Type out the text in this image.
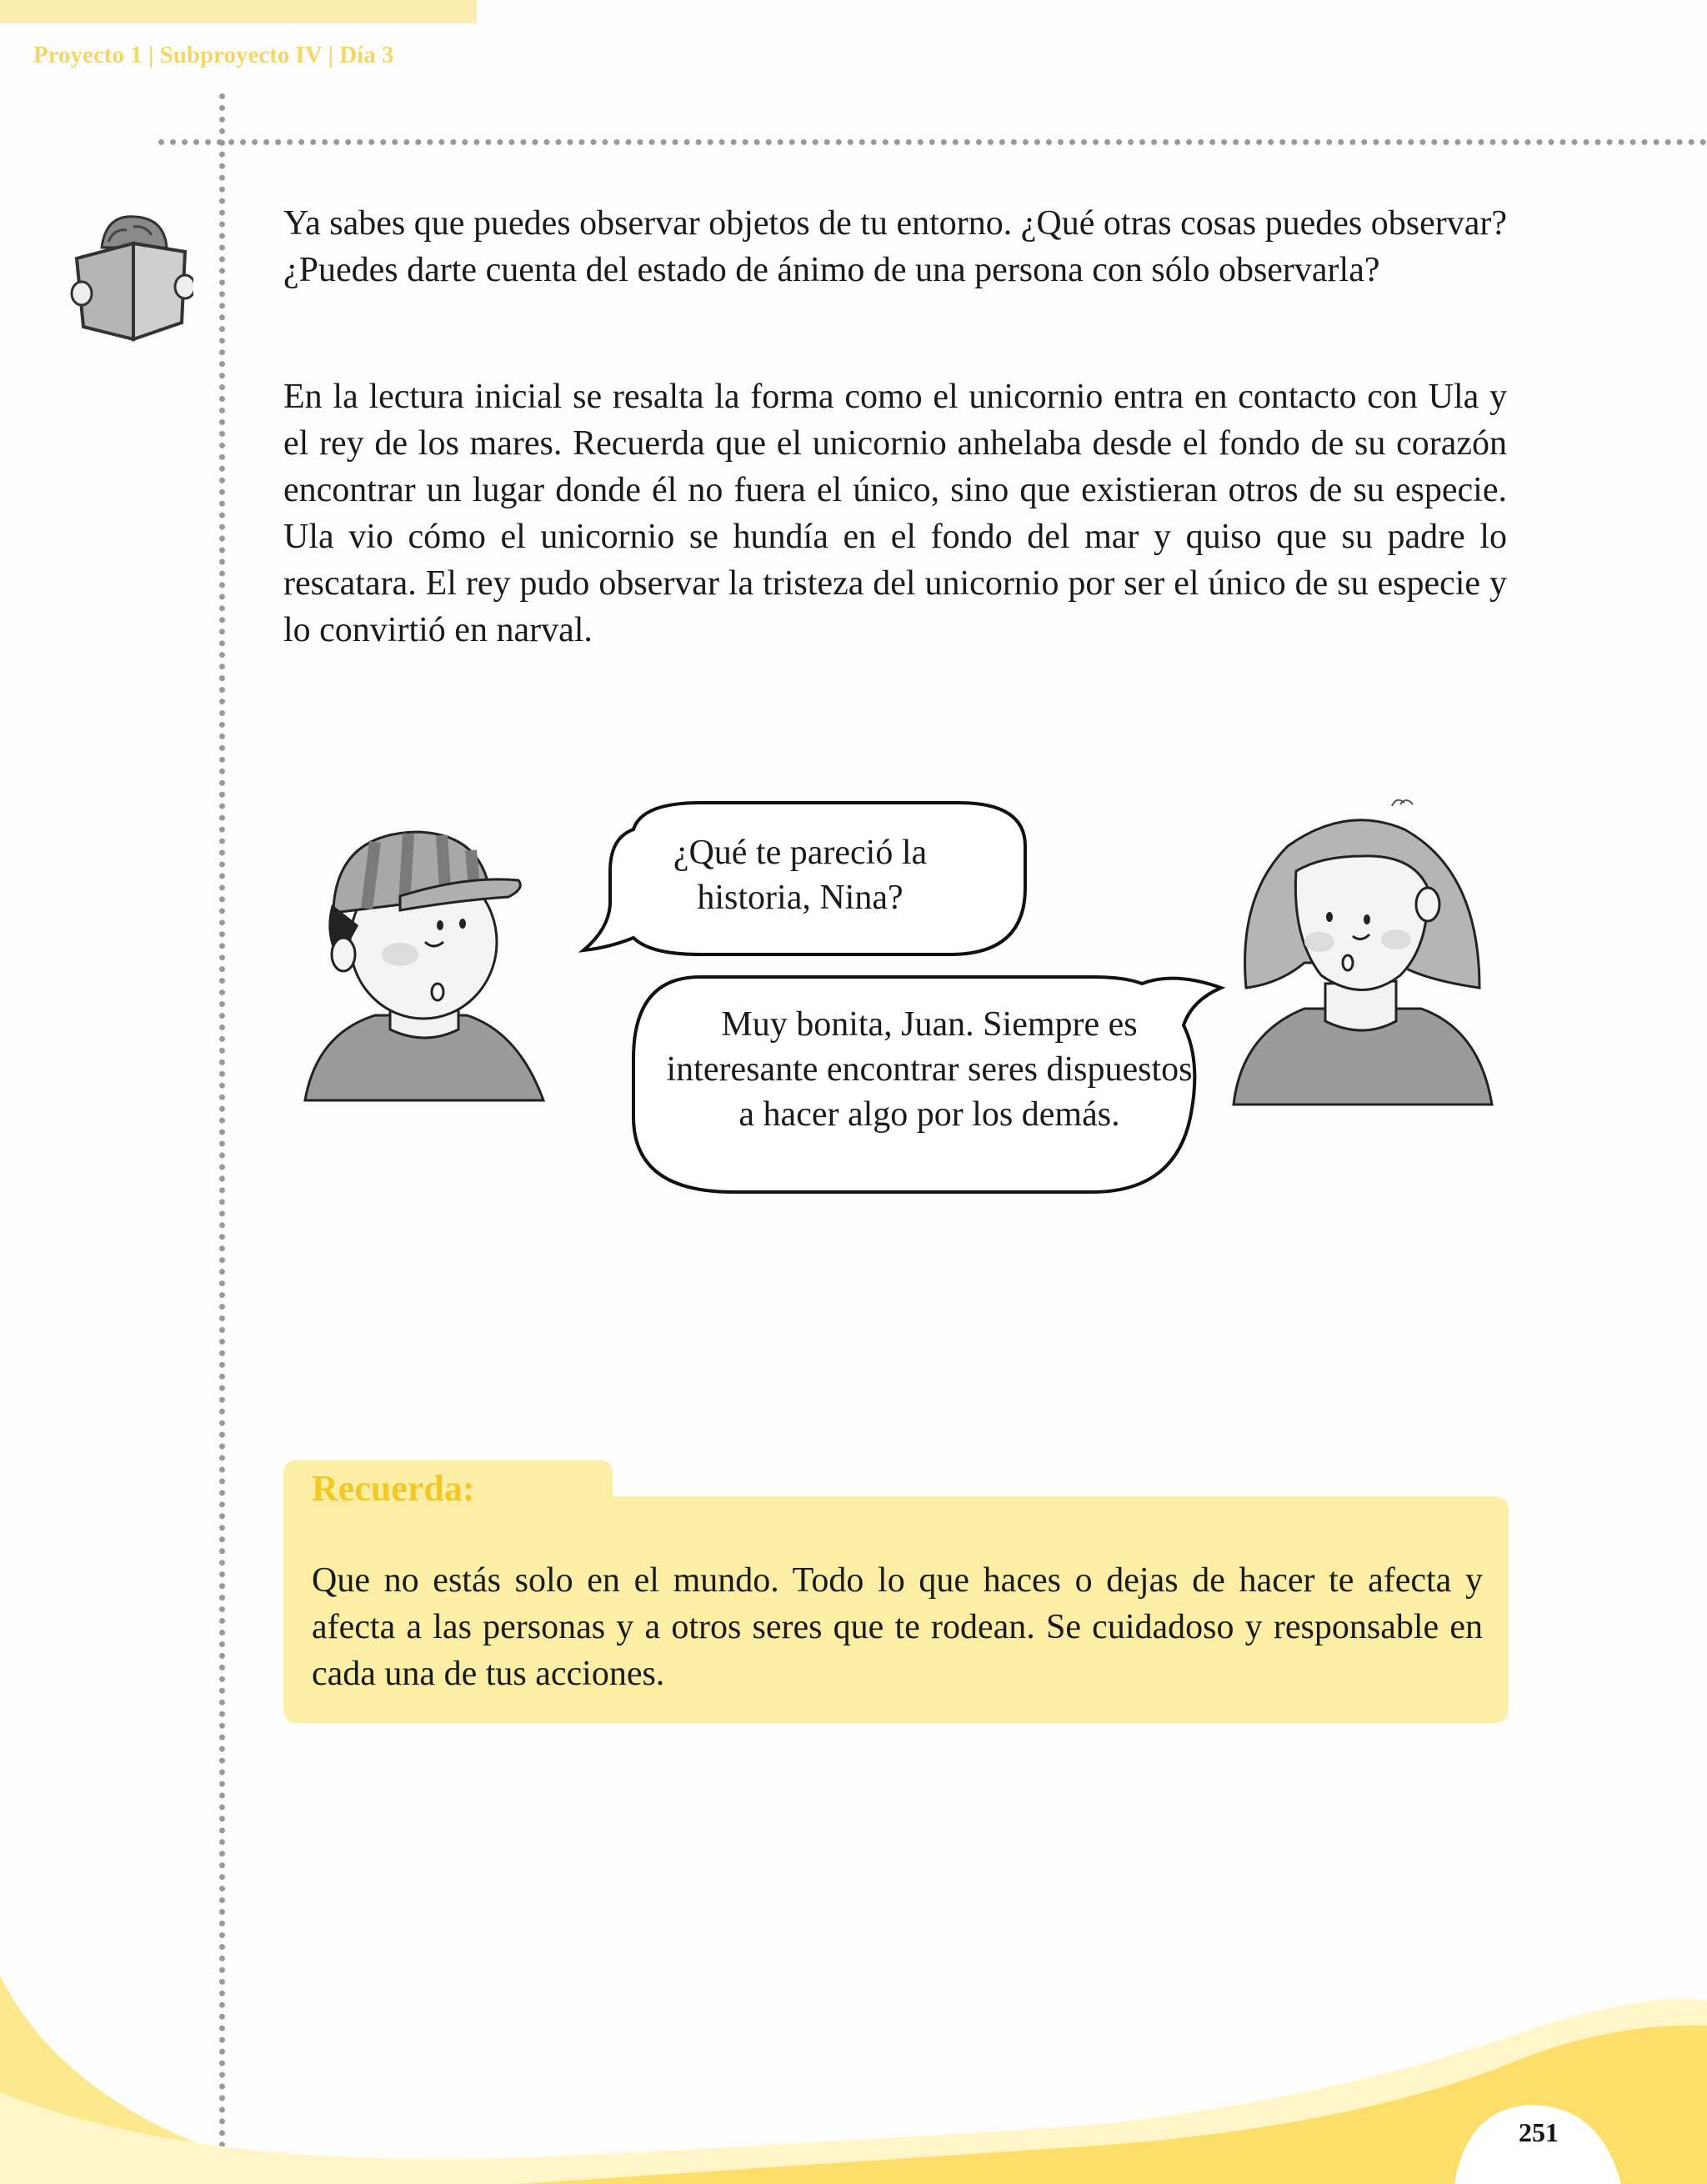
Proyecto 1 | Subproyecto IV | Día 3

Ya sabes que puedes observar objetos de tu entorno. ¿Qué otras cosas puedes observar? ¿Puedes darte cuenta del estado de ánimo de una persona con sólo observarla?

En la lectura inicial se resalta la forma como el unicornio entra en contacto con Ula y el rey de los mares. Recuerda que el unicornio anhelaba desde el fondo de su corazón encontrar un lugar donde él no fuera el único, sino que existieran otros de su especie. Ula vio cómo el unicornio se hundía en el fondo del mar y quiso que su padre lo rescatara. El rey pudo observar la tristeza del unicornio por ser el único de su especie y lo convirtió en narval.

¿Qué te pareció la historia, Nina?

Muy bonita, Juan. Siempre es interesante encontrar seres dispuestos a hacer algo por los demás.

Recuerda:

Que no estás solo en el mundo. Todo lo que haces o dejas de hacer te afecta y afecta a las personas y a otros seres que te rodean. Se cuidadoso y responsable en cada una de tus acciones.

251
